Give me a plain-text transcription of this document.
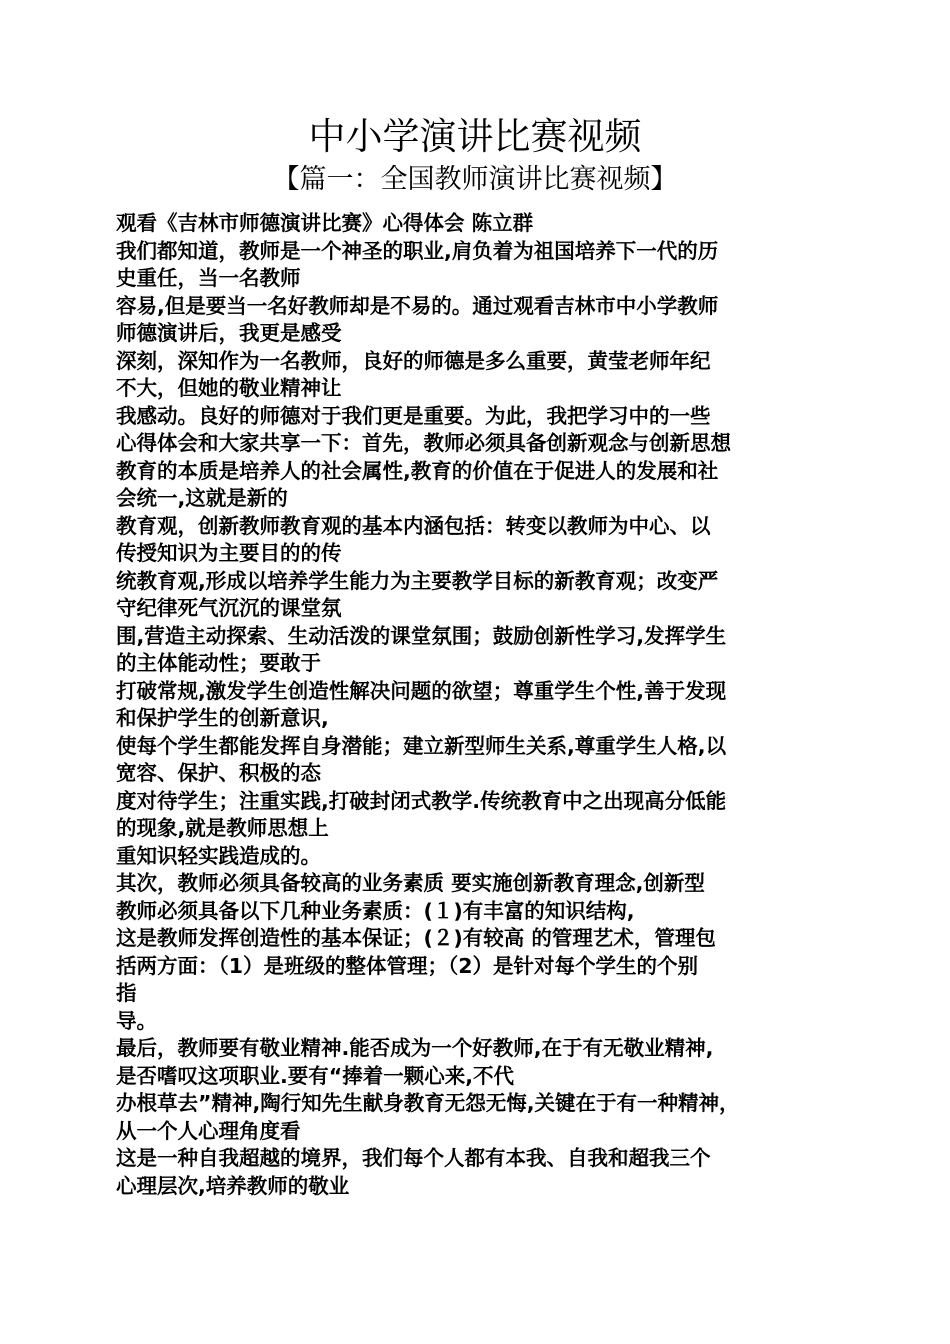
中小学演讲比赛视频
【篇一：全国教师演讲比赛视频】
观看《吉林市师德演讲比赛》心得体会 陈立群
我们都知道，教师是一个神圣的职业,肩负着为祖国培养下一代的历
史重任，当一名教师
容易,但是要当一名好教师却是不易的。通过观看吉林市中小学教师
师德演讲后，我更是感受
深刻，深知作为一名教师，良好的师德是多么重要，黄莹老师年纪
不大，但她的敬业精神让
我感动。良好的师德对于我们更是重要。为此，我把学习中的一些
心得体会和大家共享一下：首先，教师必须具备创新观念与创新思想
教育的本质是培养人的社会属性,教育的价值在于促进人的发展和社
会统一,这就是新的
教育观，创新教师教育观的基本内涵包括：转变以教师为中心、以
传授知识为主要目的的传
统教育观,形成以培养学生能力为主要教学目标的新教育观；改变严
守纪律死气沉沉的课堂氛
围,营造主动探索、生动活泼的课堂氛围；鼓励创新性学习,发挥学生
的主体能动性；要敢于
打破常规,激发学生创造性解决问题的欲望；尊重学生个性,善于发现
和保护学生的创新意识,
使每个学生都能发挥自身潜能；建立新型师生关系,尊重学生人格,以
宽容、保护、积极的态
度对待学生；注重实践,打破封闭式教学.传统教育中之出现高分低能
的现象,就是教师思想上
重知识轻实践造成的。
其次，教师必须具备较高的业务素质 要实施创新教育理念,创新型
教师必须具备以下几种业务素质：(１)有丰富的知识结构,
这是教师发挥创造性的基本保证；(２)有较高 的管理艺术，管理包
括两方面：（1）是班级的整体管理；（2）是针对每个学生的个别
指
导。
最后，教师要有敬业精神.能否成为一个好教师,在于有无敬业精神,
是否嗜叹这项职业.要有“捧着一颗心来,不代
办根草去”精神,陶行知先生献身教育无怨无悔,关键在于有一种精神，
从一个人心理角度看
这是一种自我超越的境界，我们每个人都有本我、自我和超我三个
心理层次,培养教师的敬业
